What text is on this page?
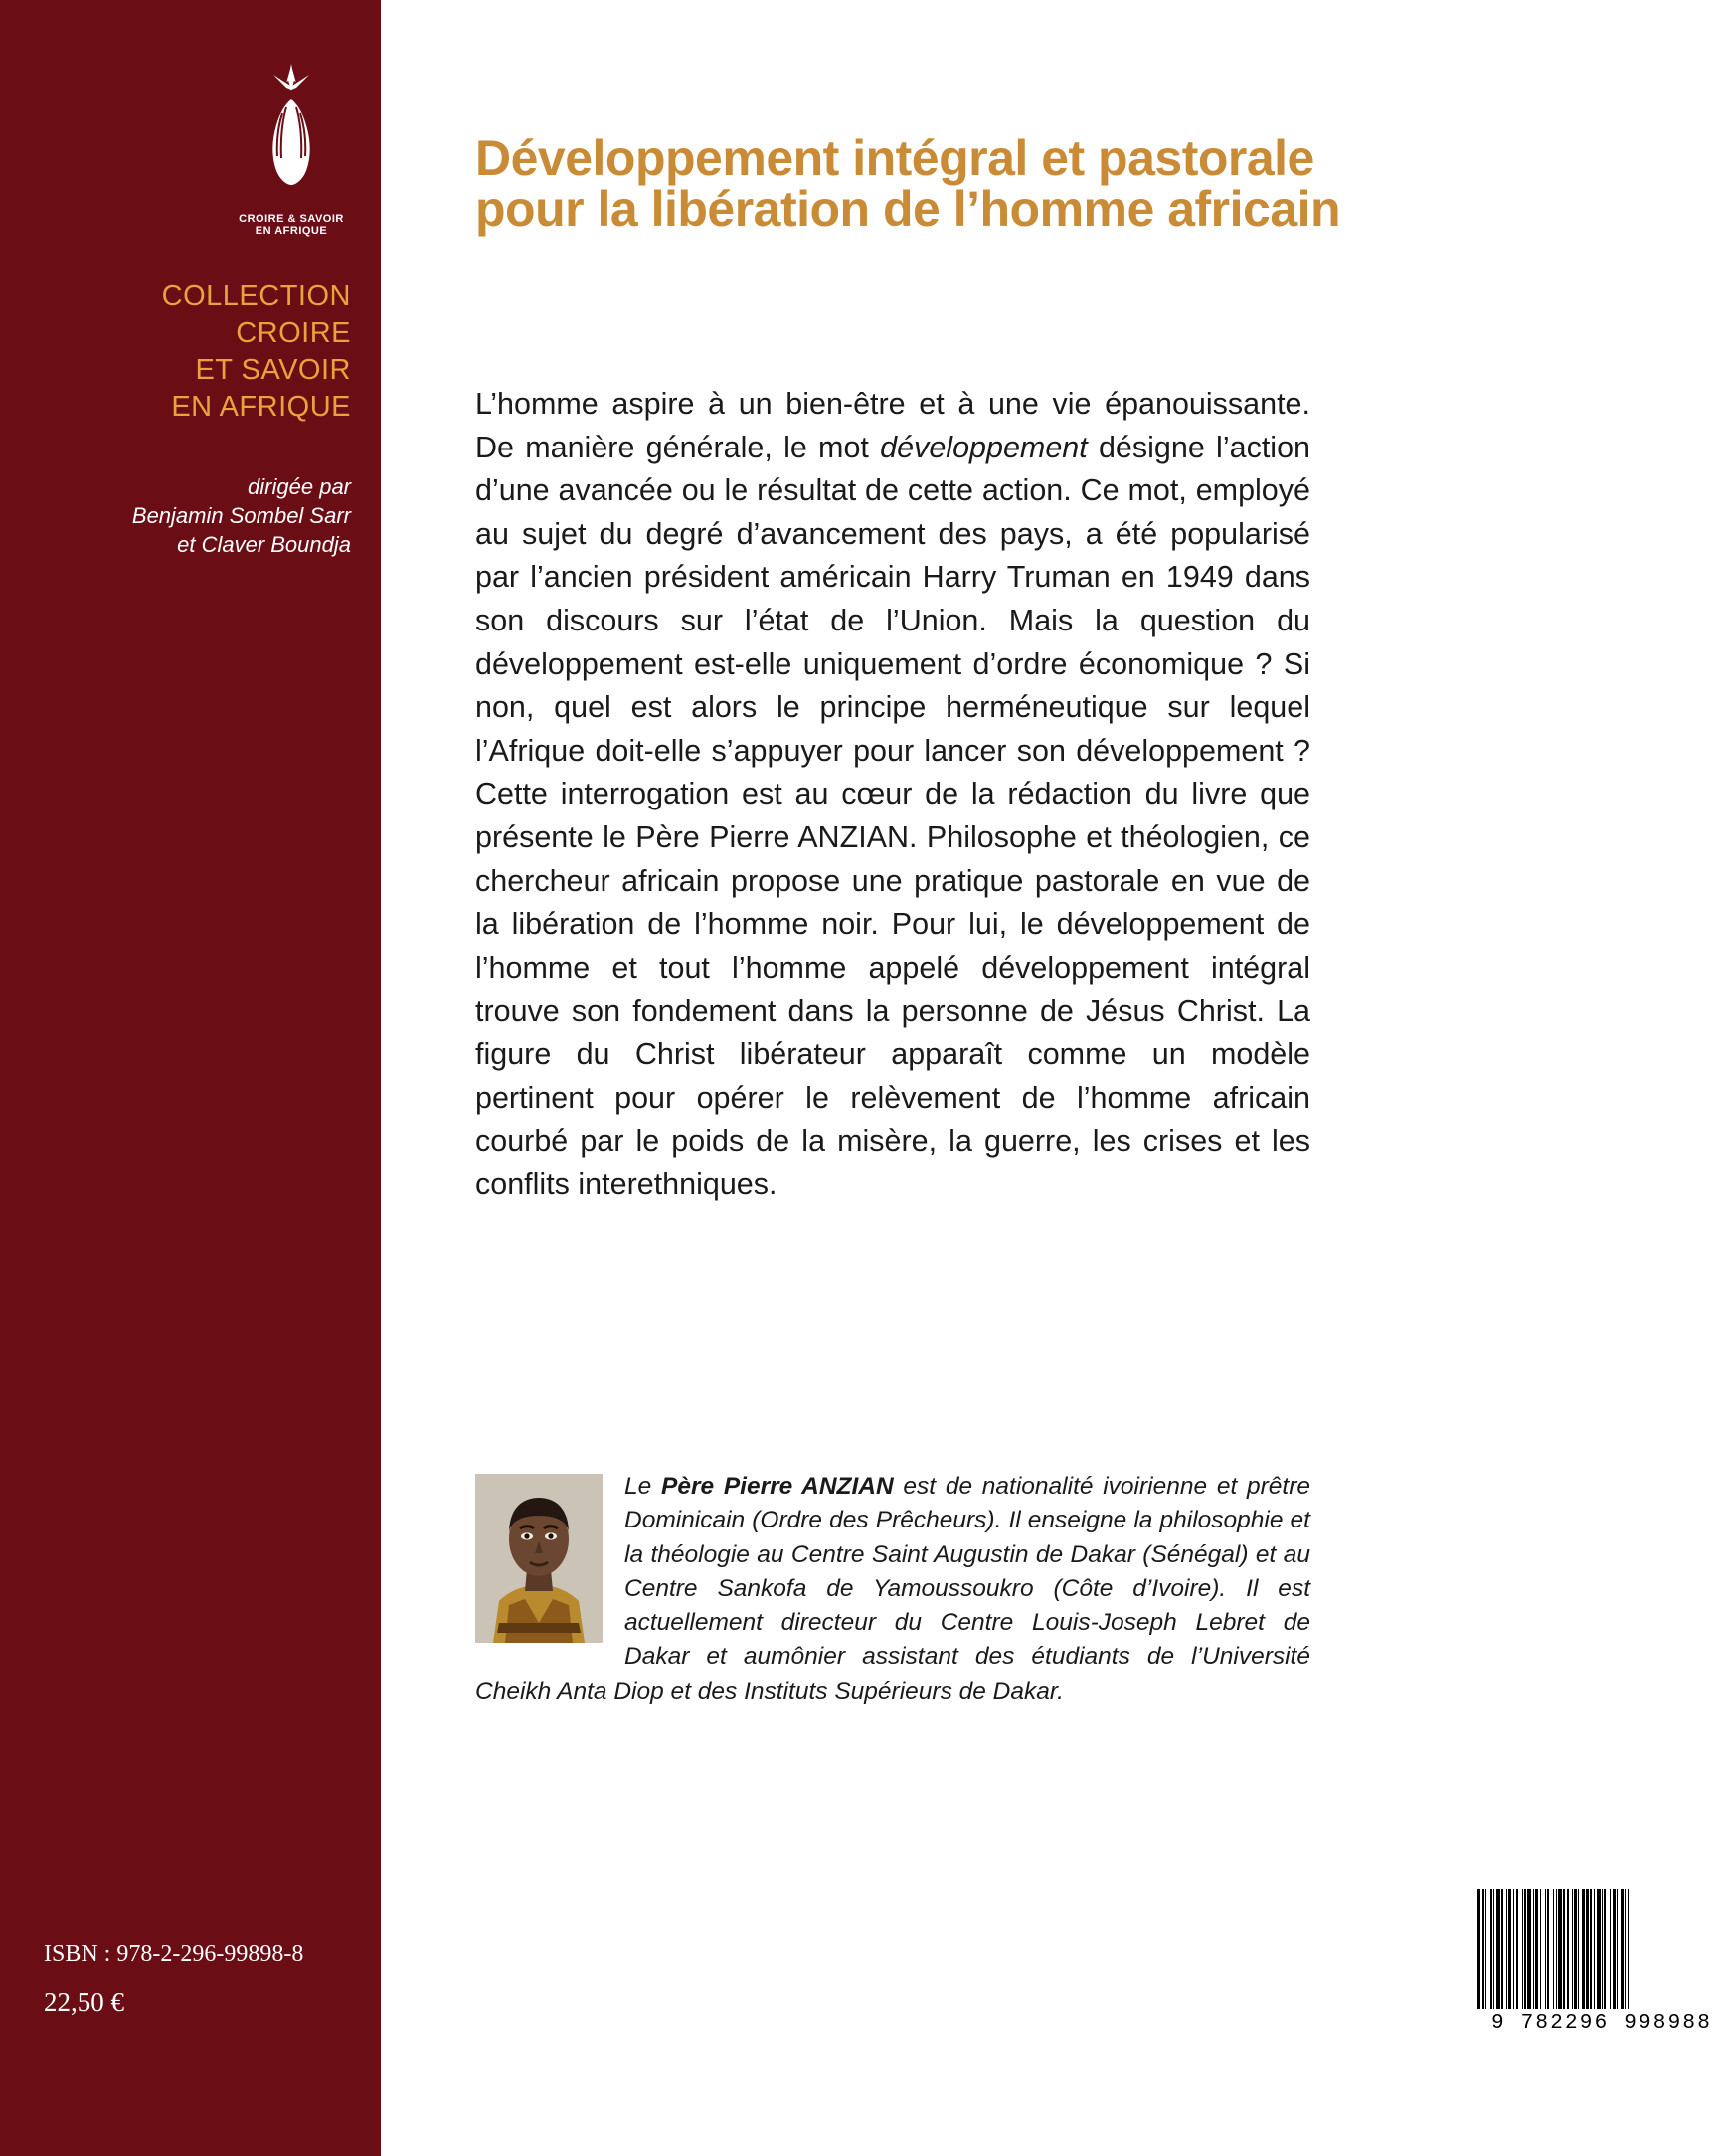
CROIRE & SAVOIR
EN AFRIQUE
COLLECTION
CROIRE
ET SAVOIR
EN AFRIQUE
dirigée par
Benjamin Sombel Sarr
et Claver Boundja
ISBN : 978-2-296-99898-8
22,50 €
Développement intégral et pastorale pour la libération de l’homme africain
L’homme aspire à un bien-être et à une vie épanouissante. De manière générale, le mot développement désigne l’action d’une avancée ou le résultat de cette action. Ce mot, employé au sujet du degré d’avancement des pays, a été popularisé par l’ancien président américain Harry Truman en 1949 dans son discours sur l’état de l’Union. Mais la question du développement est-elle uniquement d’ordre économique ? Si non, quel est alors le principe herméneutique sur lequel l’Afrique doit-elle s’appuyer pour lancer son développement ? Cette interrogation est au cœur de la rédaction du livre que présente le Père Pierre ANZIAN. Philosophe et théologien, ce chercheur africain propose une pratique pastorale en vue de la libération de l’homme noir. Pour lui, le développement de l’homme et tout l’homme appelé développement intégral trouve son fondement dans la personne de Jésus Christ. La figure du Christ libérateur apparaît comme un modèle pertinent pour opérer le relèvement de l’homme africain courbé par le poids de la misère, la guerre, les crises et les conflits interethniques.
Le Père Pierre ANZIAN est de nationalité ivoirienne et prêtre Dominicain (Ordre des Prêcheurs). Il enseigne la philosophie et la théologie au Centre Saint Augustin de Dakar (Sénégal) et au Centre Sankofa de Yamoussoukro (Côte d’Ivoire). Il est actuellement directeur du Centre Louis-Joseph Lebret de Dakar et aumônier assistant des étudiants de l’Université Cheikh Anta Diop et des Instituts Supérieurs de Dakar.
9 782296 998988
